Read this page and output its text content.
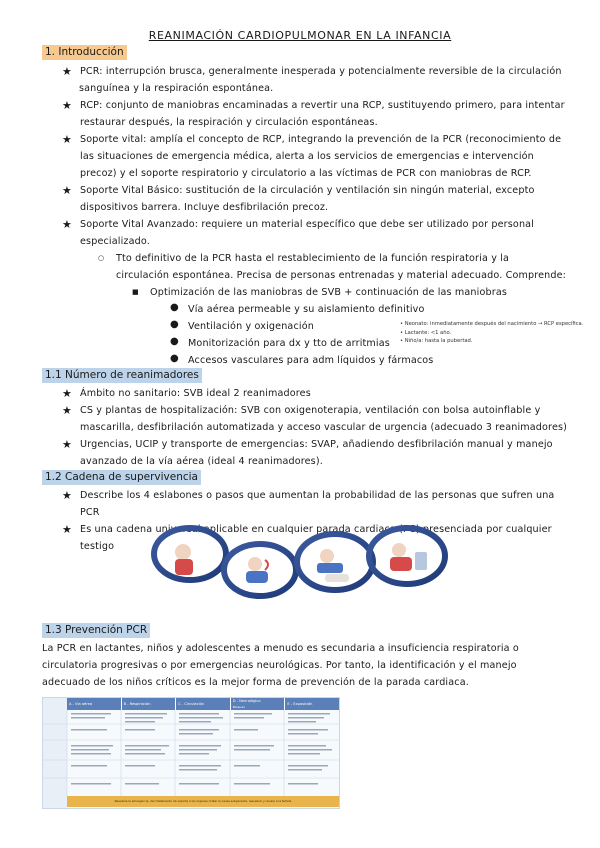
REANIMACIÓN CARDIOPULMONAR EN LA INFANCIA
1. Introducción
★ PCR: interrupción brusca, generalmente inesperada y potencialmente reversible de la circulación
sanguínea y la respiración espontánea.
★ RCP: conjunto de maniobras encaminadas a revertir una RCP, sustituyendo primero, para intentar
restaurar después, la respiración y circulación espontáneas.
★ Soporte vital: amplía el concepto de RCP, integrando la prevención de la PCR (reconocimiento de
las situaciones de emergencia médica, alerta a los servicios de emergencias e intervención
precoz) y el soporte respiratorio y circulatorio a las víctimas de PCR con maniobras de RCP.
★ Soporte Vital Básico: sustitución de la circulación y ventilación sin ningún material, excepto
dispositivos barrera. Incluye desfibrilación precoz.
★ Soporte Vital Avanzado: requiere un material específico que debe ser utilizado por personal
especializado.
○ Tto definitivo de la PCR hasta el restablecimiento de la función respiratoria y la
circulación espontánea. Precisa de personas entrenadas y material adecuado. Comprende:
■ Optimización de las maniobras de SVB + continuación de las maniobras
● Vía aérea permeable y su aislamiento definitivo
● Ventilación y oxigenación
● Monitorización para dx y tto de arritmias
● Accesos vasculares para adm líquidos y fármacos
• Neonato: inmediatamente después del nacimiento → RCP específica.
• Lactante: <1 año.
• Niño/a: hasta la pubertad.
1.1 Número de reanimadores
★ Ámbito no sanitario: SVB ideal 2 reanimadores
★ CS y plantas de hospitalización: SVB con oxigenoterapia, ventilación con bolsa autoinflable y
mascarilla, desfibrilación automatizada y acceso vascular de urgencia (adecuado 3 reanimadores)
★ Urgencias, UCIP y transporte de emergencias: SVAP, añadiendo desfibrilación manual y manejo
avanzado de la vía aérea (ideal 4 reanimadores).
1.2 Cadena de supervivencia
★ Describe los 4 eslabones o pasos que aumentan la probabilidad de las personas que sufren una
PCR
★ Es una cadena universal aplicable en cualquier parada cardiaca (PC) presenciada por cualquier
testigo
1.3 Prevención PCR
La PCR en lactantes, niños y adolescentes a menudo es secundaria a insuficiencia respiratoria o
circulatoria progresivas o por emergencias neurológicas. Por tanto, la identificación y el manejo
adecuado de los niños críticos es la mejor forma de prevención de la parada cardiaca.
A - Vía aérea	B - Respiración	C - Circulación
D - Neurológico
Bloqueo
E - Exposición
Reevalúe la emergencia, dar tratamiento de soporte a los órganos, tratar la causa subyacente, reevaluar y revisar a la familia
